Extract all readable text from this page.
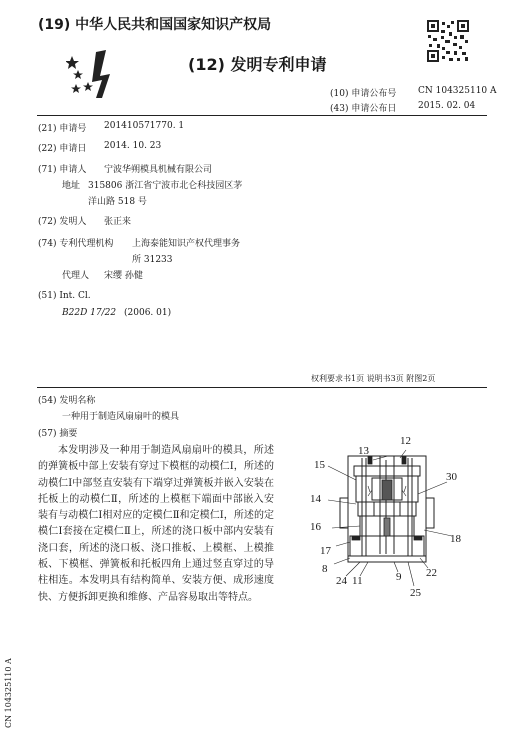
(19) 中华人民共和国国家知识产权局
(12) 发明专利申请
(10) 申请公布号 CN 104325110 A
(43) 申请公布日 2015. 02. 04
(21) 申请号 201410571770. 1
(22) 申请日 2014. 10. 23
(71) 申请人 宁波华朔模具机械有限公司
地址 315806 浙江省宁波市北仑科技园区茅
洋山路 518 号
(72) 发明人 张正来
(74) 专利代理机构 上海泰能知识产权代理事务
所 31233
代理人 宋缨 孙健
(51) Int. Cl.
B22D 17/22 (2006. 01)
权利要求书1页 说明书3页 附图2页
(54) 发明名称
一种用于制造风扇扇叶的模具
(57) 摘要
本发明涉及一种用于制造风扇扇叶的模具，所述的弹簧板中部上安装有穿过下模框的动模仁Ⅰ，所述的动模仁Ⅰ中部竖直安装有下端穿过弹簧板并嵌入安装在托板上的动模仁Ⅱ，所述的上模框下端面中部嵌入安装有与动模仁Ⅰ相对应的定模仁Ⅱ和定模仁Ⅰ，所述的定模仁Ⅰ套接在定模仁Ⅱ上，所述的浇口板中部内安装有浇口套，所述的浇口板、浇口推板、上模框、上模推板、下模框、弹簧板和托板四角上通过竖直穿过的导柱相连。本发明具有结构简单、安装方便、成形速度快、方便拆卸更换和维修、产品容易取出等特点。
13
12
15
30
14
16
18
17
8
24 11	9 22
25
CN 104325110 A
